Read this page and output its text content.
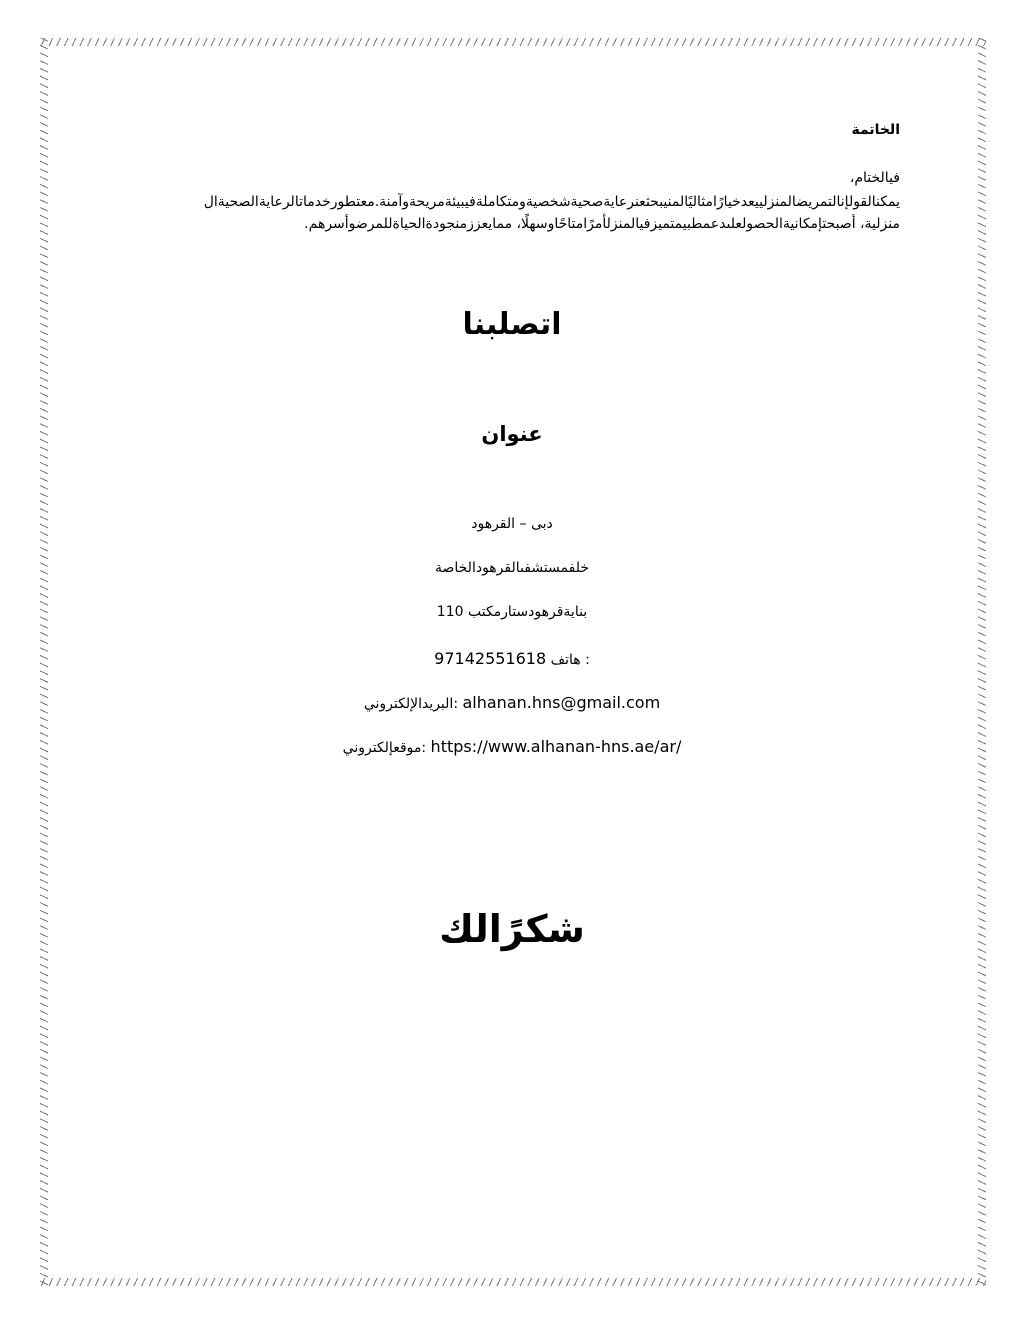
الخاتمة
فيالختام،
يمكنالقولإنالتمريضالمنزلييعدخيارًامثاليًالمنيبحثعنرعايةصحيةشخصيةومتكاملةفيبيئةمريحةوآمنة.معتطورخدماتالرعايةالصحيةال
منزلية، أصبحتإمكانيةالحصولعلىدعمطبيمتميزفيالمنزلأمرًامتاحًاوسهلًا، ممايعززمنجودةالحياةللمرضوأسرهم.
اتصلبنا
عنوان
دبى – القرهود
خلفمستشفىالقرهودالخاصة
بنايةقرهودستارمكتب 110
97142551618 هاتف :
البريدالإلكتروني: alhanan.hns@gmail.com
موقعإلكتروني: https://www.alhanan-hns.ae/ar/
شكرًالك
